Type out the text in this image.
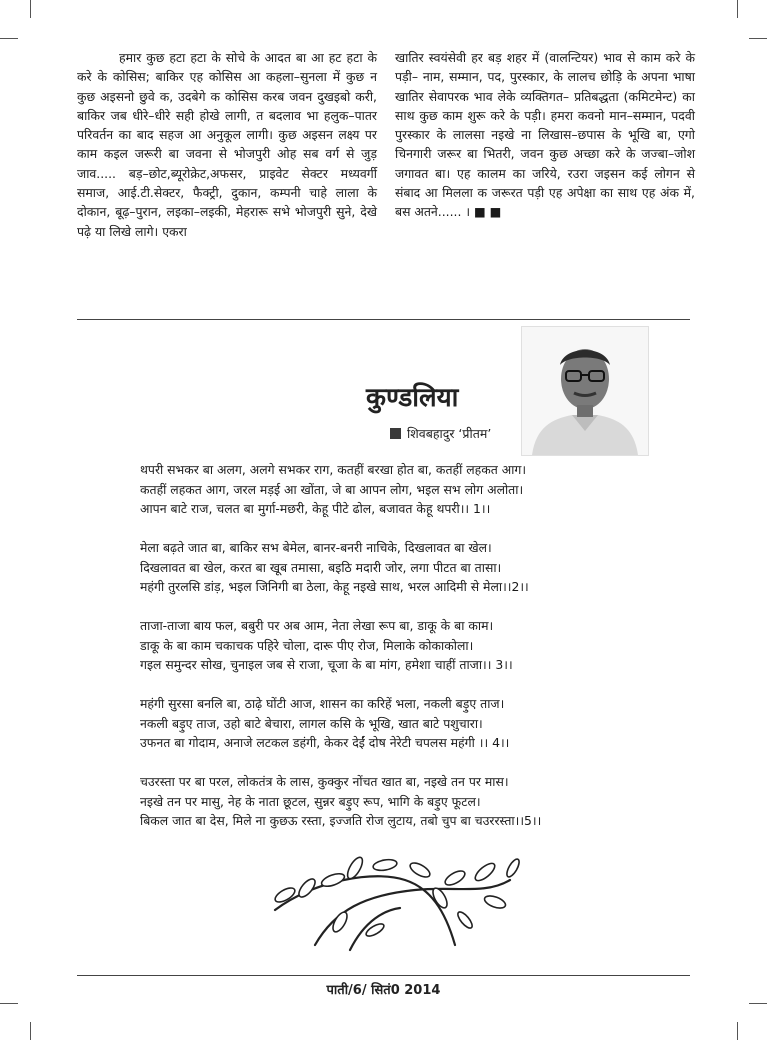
हमार कुछ हटा हटा के सोचे के आदत बा आ हट हटा के करे के कोसिस; बाकिर एह कोसिस आ कहला–सुनला में कुछ न कुछ अइसनो छुवे क, उदबेगे क कोसिस करब जवन दुखइबो करी, बाकिर जब धीरे–धीरे सही होखे लागी, त बदलाव भा हलुक–पातर परिवर्तन का बाद सहज आ अनुकूल लागी। कुछ अइसन लक्ष्य पर काम कइल जरूरी बा जवना से भोजपुरी ओह सब वर्ग से जुड़ जाव..... बड़–छोट,ब्यूरोक्रेट,अफसर, प्राइवेट सेक्टर मध्यवर्गी समाज, आई.टी.सेक्टर, फैक्ट्री, दुकान, कम्पनी चाहे लाला के दोकान, बूढ़–पुरान, लइका–लइकी, मेहरारू सभे भोजपुरी सुने, देखे पढ़े या लिखे लागे। एकरा

खातिर स्वयंसेवी हर बड़ शहर में (वालन्टियर) भाव से काम करे के पड़ी– नाम, सम्मान, पद, पुरस्कार, के लालच छोड़ि के अपना भाषा खातिर सेवापरक भाव लेके व्यक्तिगत– प्रतिबद्धता (कमिटमेन्ट) का साथ कुछ काम शुरू करे के पड़ी। हमरा कवनो मान–सम्मान, पदवी पुरस्कार के लालसा नइखे ना लिखास–छपास के भूखि बा, एगो चिनगारी जरूर बा भितरी, जवन कुछ अच्छा करे के जज्बा–जोश जगावत बा। एह कालम का जरिये, रउरा जइसन कई लोगन से संबाद आ मिलला क जरूरत पड़ी एह अपेक्षा का साथ एह अंक में, बस अतने...... । ■ ■

कुण्डलिया
शिवबहादुर ‘प्रीतम’
थपरी सभकर बा अलग, अलगे सभकर राग, कतहीं बरखा होत बा, कतहीं लहकत आग।
कतहीं लहकत आग, जरल मड़ई आ खोंता, जे बा आपन लोग, भइल सभ लोग अलोता।
आपन बाटे राज, चलत बा मुर्गा-मछरी, केहू पीटे ढोल, बजावत केहू थपरी।। 1।।
मेला बढ़ते जात बा, बाकिर सभ बेमेल, बानर-बनरी नाचिके, दिखलावत बा खेल।
दिखलावत बा खेल, करत बा खूब तमासा, बइठि मदारी जोर, लगा पीटत बा तासा।
महंगी तुरलसि डांड़, भइल जिनिगी बा ठेला, केहू नइखे साथ, भरल आदिमी से मेला।।2।।
ताजा-ताजा बाय फल, बबुरी पर अब आम, नेता लेखा रूप बा, डाकू के बा काम।
डाकू के बा काम चकाचक पहिरे चोला, दारू पीए रोज, मिलाके कोकाकोला।
गइल समुन्दर सोख, चुनाइल जब से राजा, चूजा के बा मांग, हमेशा चाहीं ताजा।। 3।।
महंगी सुरसा बनलि बा, ठाढ़े घोंटी आज, शासन का करिहें भला, नकली बड़ुए ताज।
नकली बड़ुए ताज, उहो बाटे बेचारा, लागल कसि के भूखि, खात बाटे पशुचारा।
उफनत बा गोदाम, अनाजे लटकल डहंगी, केकर देईं दोष नेरेटी चपलस महंगी ।। 4।।
चउरस्ता पर बा परल, लोकतंत्र के लास, कुक्कुर नोंचत खात बा, नइखे तन पर मास।
नइखे तन पर मासु, नेह के नाता छूटल, सुन्नर बड़ुए रूप, भागि के बड़ुए फूटल।
बिकल जात बा देस, मिले ना कुछऊ रस्ता, इज्जति रोज लुटाय, तबो चुप बा चउररस्ता।।5।।
पाती/6/ सितं0 2014
